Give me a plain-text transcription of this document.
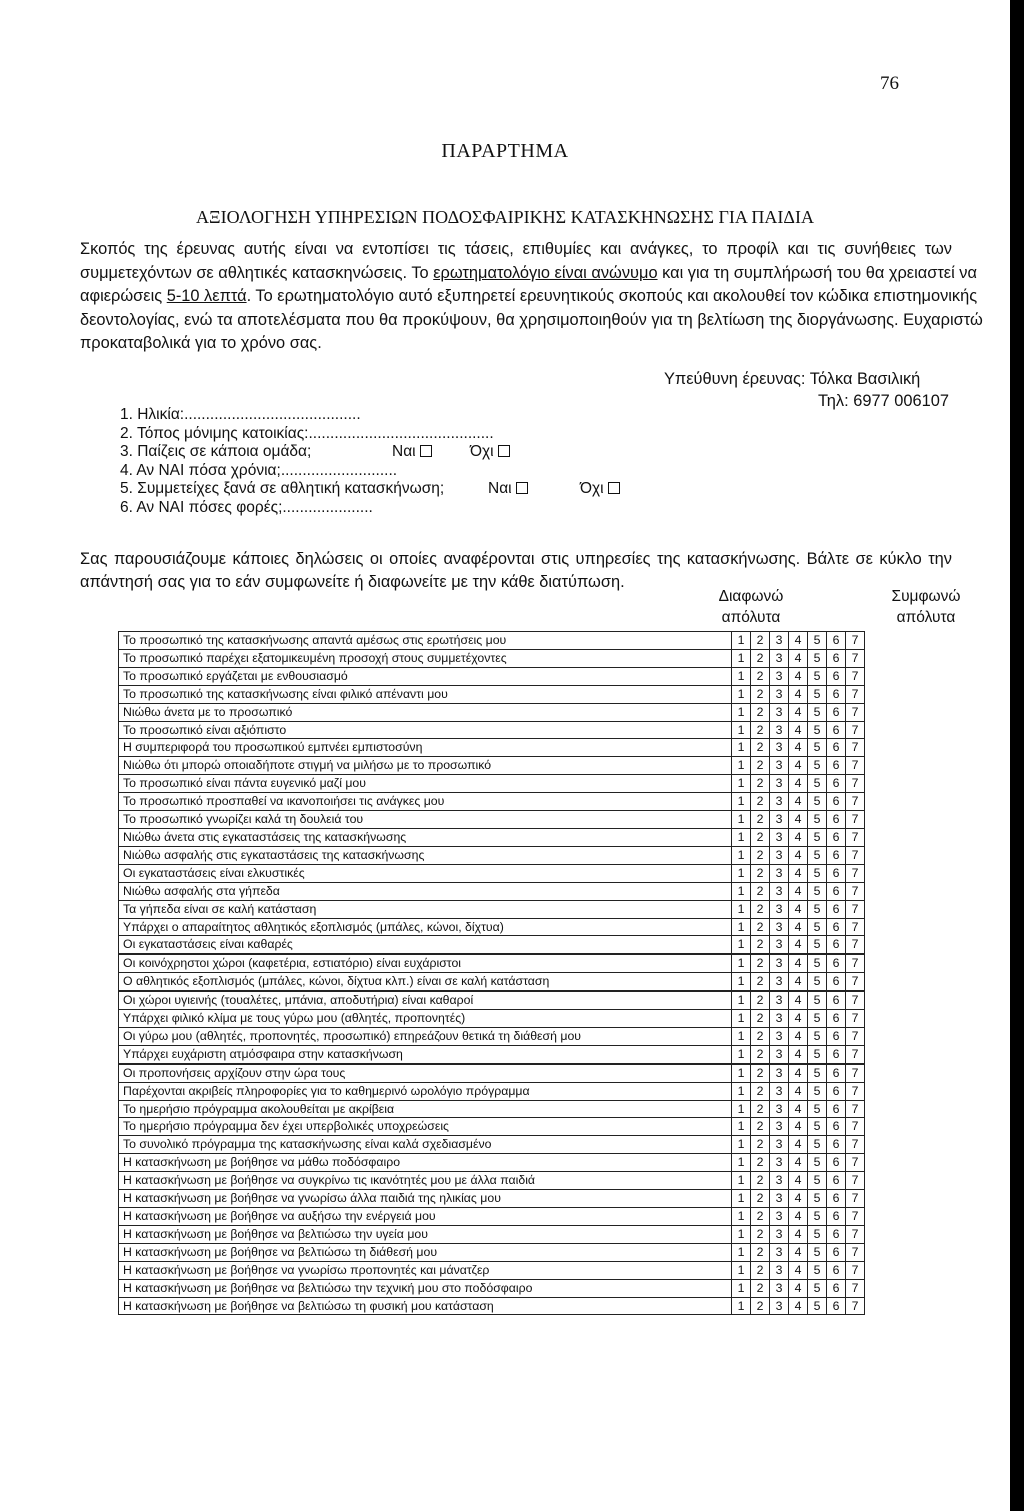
76
ΠΑΡΑΡΤΗΜΑ
ΑΞΙΟΛΟΓΗΣΗ ΥΠΗΡΕΣΙΩΝ ΠΟΔΟΣΦΑΙΡΙΚΗΣ ΚΑΤΑΣΚΗΝΩΣΗΣ ΓΙΑ ΠΑΙΔΙΑ
Σκοπός της έρευνας αυτής είναι να εντοπίσει τις τάσεις, επιθυμίες και ανάγκες, το προφίλ και τις συνήθειες των
συμμετεχόντων σε αθλητικές κατασκηνώσεις. Το ερωτηματολόγιο είναι ανώνυμο και για τη συμπλήρωσή του θα χρειαστεί να
αφιερώσεις 5-10 λεπτά. Το ερωτηματολόγιο αυτό εξυπηρετεί ερευνητικούς σκοπούς και ακολουθεί τον κώδικα επιστημονικής
δεοντολογίας, ενώ τα αποτελέσματα που θα προκύψουν, θα χρησιμοποιηθούν για τη βελτίωση της διοργάνωσης. Ευχαριστώ
προκαταβολικά για το χρόνο σας.
Υπεύθυνη έρευνας: Τόλκα Βασιλική
Τηλ: 6977 006107
1. Ηλικία:.........................................
2. Τόπος μόνιμης κατοικίας:...........................................
3. Παίζεις σε κάποια ομάδα;	Ναι	Όχι
4. Αν ΝΑΙ πόσα χρόνια;...........................
5. Συμμετείχες ξανά σε αθλητική κατασκήνωση;	Ναι	Όχι
6. Αν ΝΑΙ πόσες φορές;.....................
Σας παρουσιάζουμε κάποιες δηλώσεις οι οποίες αναφέρονται στις υπηρεσίες της κατασκήνωσης. Βάλτε σε κύκλο την
απάντησή σας για το εάν συμφωνείτε ή διαφωνείτε με την κάθε διατύπωση.
Διαφωνώ
απόλυτα
Συμφωνώ
απόλυτα
Το προσωπικό της κατασκήνωσης απαντά αμέσως στις ερωτήσεις μου	1	2	3	4	5	6	7
Το προσωπικό παρέχει εξατομικευμένη προσοχή στους συμμετέχοντες	1	2	3	4	5	6	7
Το προσωπικό εργάζεται με ενθουσιασμό	1	2	3	4	5	6	7
Το προσωπικό της κατασκήνωσης είναι φιλικό απέναντι μου	1	2	3	4	5	6	7
Νιώθω άνετα με το προσωπικό	1	2	3	4	5	6	7
Το προσωπικό είναι αξιόπιστο	1	2	3	4	5	6	7
Η συμπεριφορά του προσωπικού εμπνέει εμπιστοσύνη	1	2	3	4	5	6	7
Νιώθω ότι μπορώ οποιαδήποτε στιγμή να μιλήσω με το προσωπικό	1	2	3	4	5	6	7
Το προσωπικό είναι πάντα ευγενικό μαζί μου	1	2	3	4	5	6	7
Το προσωπικό προσπαθεί να ικανοποιήσει τις ανάγκες μου	1	2	3	4	5	6	7
Το προσωπικό γνωρίζει καλά τη δουλειά του	1	2	3	4	5	6	7
Νιώθω άνετα στις εγκαταστάσεις της κατασκήνωσης	1	2	3	4	5	6	7
Νιώθω ασφαλής στις εγκαταστάσεις της κατασκήνωσης	1	2	3	4	5	6	7
Οι εγκαταστάσεις είναι ελκυστικές	1	2	3	4	5	6	7
Νιώθω ασφαλής στα γήπεδα	1	2	3	4	5	6	7
Τα γήπεδα είναι σε καλή κατάσταση	1	2	3	4	5	6	7
Υπάρχει ο απαραίτητος αθλητικός εξοπλισμός (μπάλες, κώνοι, δίχτυα)	1	2	3	4	5	6	7
Οι εγκαταστάσεις είναι καθαρές	1	2	3	4	5	6	7
Οι κοινόχρηστοι χώροι (καφετέρια, εστιατόριο) είναι ευχάριστοι	1	2	3	4	5	6	7
Ο αθλητικός εξοπλισμός (μπάλες, κώνοι, δίχτυα κλπ.) είναι σε καλή κατάσταση	1	2	3	4	5	6	7
Οι χώροι υγιεινής (τουαλέτες, μπάνια, αποδυτήρια) είναι καθαροί	1	2	3	4	5	6	7
Υπάρχει φιλικό κλίμα με τους γύρω μου (αθλητές, προπονητές)	1	2	3	4	5	6	7
Οι γύρω μου (αθλητές, προπονητές, προσωπικό) επηρεάζουν θετικά τη διάθεσή μου	1	2	3	4	5	6	7
Υπάρχει ευχάριστη ατμόσφαιρα στην κατασκήνωση	1	2	3	4	5	6	7
Οι προπονήσεις αρχίζουν στην ώρα τους	1	2	3	4	5	6	7
Παρέχονται ακριβείς πληροφορίες για το καθημερινό ωρολόγιο πρόγραμμα	1	2	3	4	5	6	7
Το ημερήσιο πρόγραμμα ακολουθείται με ακρίβεια	1	2	3	4	5	6	7
Το ημερήσιο πρόγραμμα δεν έχει υπερβολικές υποχρεώσεις	1	2	3	4	5	6	7
Το συνολικό πρόγραμμα της κατασκήνωσης είναι καλά σχεδιασμένο	1	2	3	4	5	6	7
Η κατασκήνωση με βοήθησε να μάθω ποδόσφαιρο	1	2	3	4	5	6	7
Η κατασκήνωση με βοήθησε να συγκρίνω τις ικανότητές μου με άλλα παιδιά	1	2	3	4	5	6	7
Η κατασκήνωση με βοήθησε να γνωρίσω άλλα παιδιά της ηλικίας μου	1	2	3	4	5	6	7
Η κατασκήνωση με βοήθησε να αυξήσω την ενέργειά μου	1	2	3	4	5	6	7
Η κατασκήνωση με βοήθησε να βελτιώσω την υγεία μου	1	2	3	4	5	6	7
Η κατασκήνωση με βοήθησε να βελτιώσω τη διάθεσή μου	1	2	3	4	5	6	7
Η κατασκήνωση με βοήθησε να γνωρίσω προπονητές και μάνατζερ	1	2	3	4	5	6	7
Η κατασκήνωση με βοήθησε να βελτιώσω την τεχνική μου στο ποδόσφαιρο	1	2	3	4	5	6	7
Η κατασκήνωση με βοήθησε να βελτιώσω τη φυσική μου κατάσταση	1	2	3	4	5	6	7
